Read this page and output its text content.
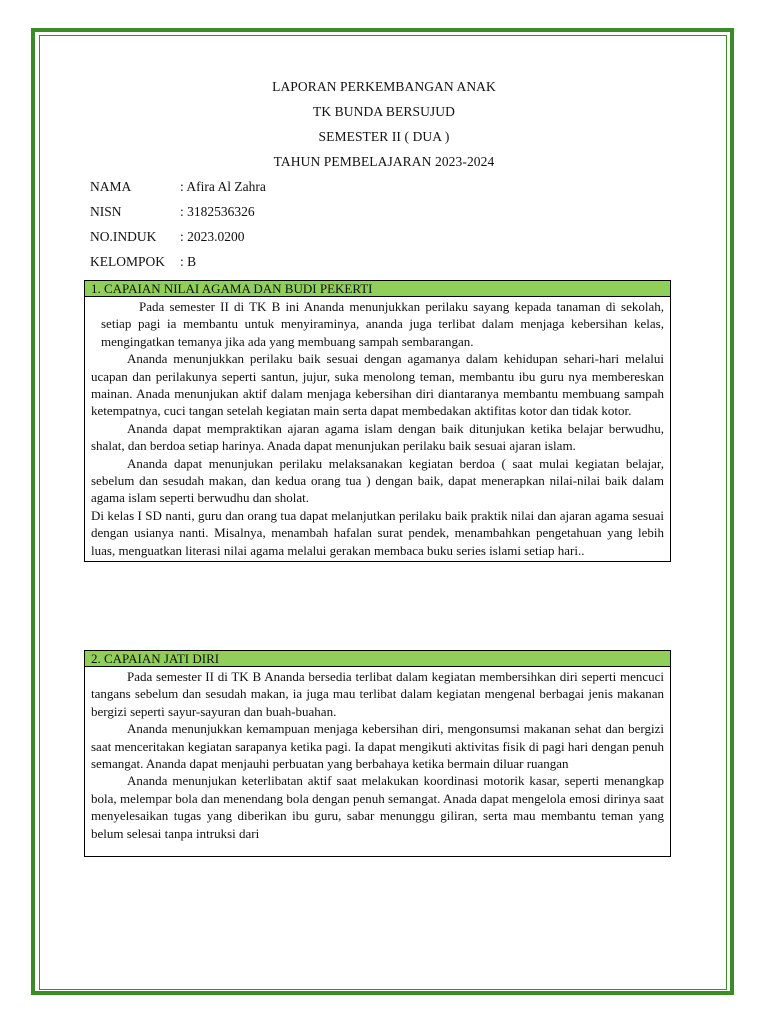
LAPORAN PERKEMBANGAN ANAK
TK BUNDA BERSUJUD
SEMESTER II ( DUA )
TAHUN PEMBELAJARAN 2023-2024
NAMA	: Afira Al Zahra
NISN	: 3182536326
NO.INDUK : 2023.0200
KELOMPOK : B
1. CAPAIAN NILAI AGAMA DAN BUDI PEKERTI

Pada semester II di TK B ini Ananda menunjukkan perilaku sayang kepada tanaman di sekolah, setiap pagi ia membantu untuk menyiraminya, ananda juga terlibat dalam menjaga kebersihan kelas, mengingatkan temanya jika ada yang membuang sampah sembarangan.

Ananda menunjukkan perilaku baik sesuai dengan agamanya dalam kehidupan sehari-hari melalui ucapan dan perilakunya seperti santun, jujur, suka menolong teman, membantu ibu guru nya membereskan mainan. Anada menunjukan aktif dalam menjaga kebersihan diri diantaranya membantu membuang sampah ketempatnya, cuci tangan setelah kegiatan main serta dapat membedakan aktifitas kotor dan tidak kotor.

Ananda dapat mempraktikan ajaran agama islam dengan baik ditunjukan ketika belajar berwudhu, shalat, dan berdoa setiap harinya. Anada dapat menunjukan perilaku baik sesuai ajaran islam.

Ananda dapat menunjukan perilaku melaksanakan kegiatan berdoa ( saat mulai kegiatan belajar, sebelum dan sesudah makan, dan kedua orang tua ) dengan baik, dapat menerapkan nilai-nilai baik dalam agama islam seperti berwudhu dan sholat.

Di kelas I SD nanti, guru dan orang tua dapat melanjutkan perilaku baik praktik nilai dan ajaran agama sesuai dengan usianya nanti. Misalnya, menambah hafalan surat pendek, menambahkan pengetahuan yang lebih luas, menguatkan literasi nilai agama melalui gerakan membaca buku series islami setiap hari..

2. CAPAIAN JATI DIRI

Pada semester II di TK B Ananda bersedia terlibat dalam kegiatan membersihkan diri seperti mencuci tangans sebelum dan sesudah makan, ia juga mau terlibat dalam kegiatan mengenal berbagai jenis makanan bergizi seperti sayur-sayuran dan buah-buahan.

Ananda menunjukkan kemampuan menjaga kebersihan diri, mengonsumsi makanan sehat dan bergizi saat menceritakan kegiatan sarapanya ketika pagi. Ia dapat mengikuti aktivitas fisik di pagi hari dengan penuh semangat. Ananda dapat menjauhi perbuatan yang berbahaya ketika bermain diluar ruangan

Ananda menunjukan keterlibatan aktif saat melakukan koordinasi motorik kasar, seperti menangkap bola, melempar bola dan menendang bola dengan penuh semangat. Anada dapat mengelola emosi dirinya saat menyelesaikan tugas yang diberikan ibu guru, sabar menunggu giliran, serta mau membantu teman yang belum selesai tanpa intruksi dari
